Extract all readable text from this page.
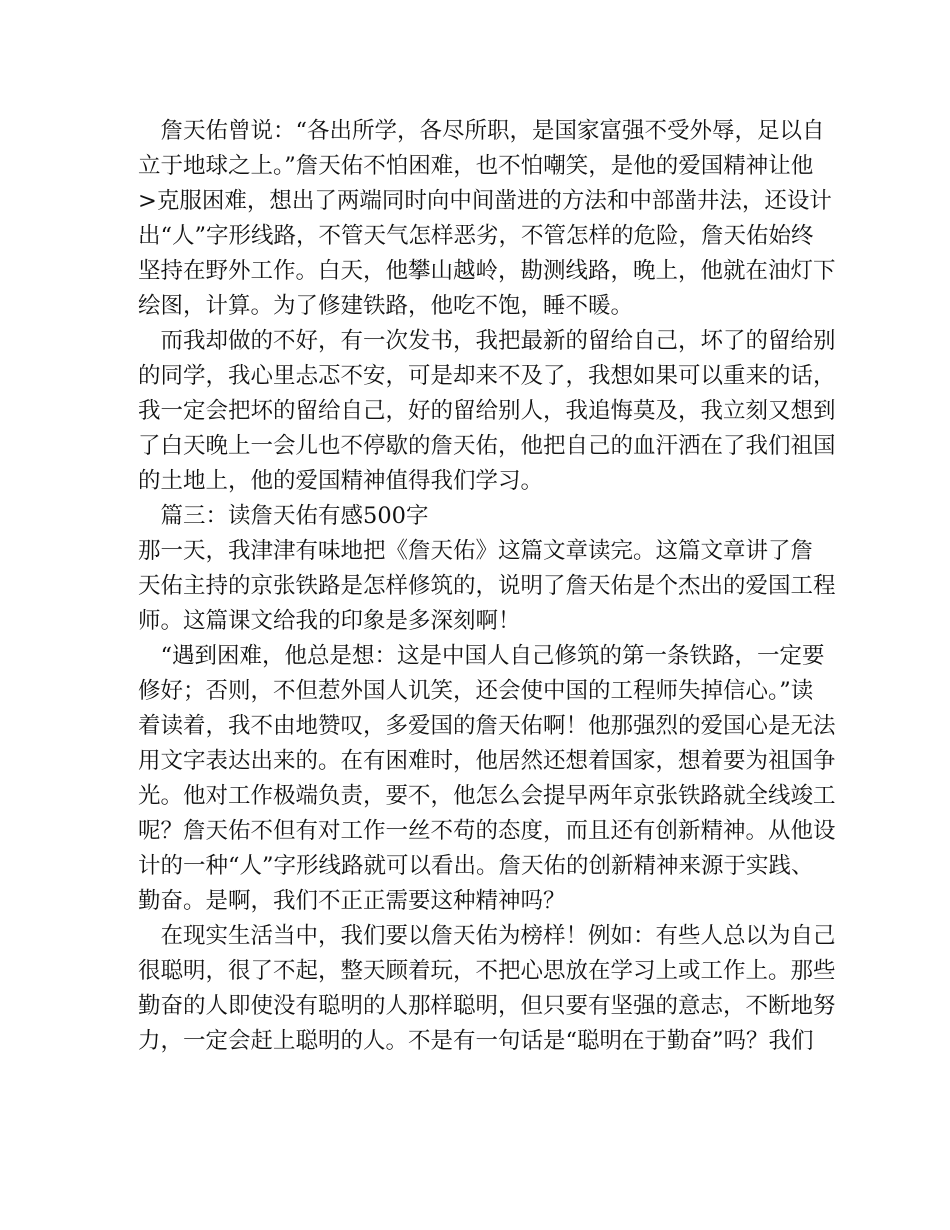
　詹天佑曾说：“各出所学，各尽所职，是国家富强不受外辱，足以自
立于地球之上。”詹天佑不怕困难，也不怕嘲笑，是他的爱国精神让他
>克服困难，想出了两端同时向中间凿进的方法和中部凿井法，还设计
出“人”字形线路，不管天气怎样恶劣，不管怎样的危险，詹天佑始终
坚持在野外工作。白天，他攀山越岭，勘测线路，晚上，他就在油灯下
绘图，计算。为了修建铁路，他吃不饱，睡不暖。
　而我却做的不好，有一次发书，我把最新的留给自己，坏了的留给别
的同学，我心里忐忑不安，可是却来不及了，我想如果可以重来的话，
我一定会把坏的留给自己，好的留给别人，我追悔莫及，我立刻又想到
了白天晚上一会儿也不停歇的詹天佑，他把自己的血汗洒在了我们祖国
的土地上，他的爱国精神值得我们学习。
　篇三：读詹天佑有感500字
那一天，我津津有味地把《詹天佑》这篇文章读完。这篇文章讲了詹
天佑主持的京张铁路是怎样修筑的，说明了詹天佑是个杰出的爱国工程
师。这篇课文给我的印象是多深刻啊！
　“遇到困难，他总是想：这是中国人自己修筑的第一条铁路，一定要
修好；否则，不但惹外国人讥笑，还会使中国的工程师失掉信心。”读
着读着，我不由地赞叹，多爱国的詹天佑啊！他那强烈的爱国心是无法
用文字表达出来的。在有困难时，他居然还想着国家，想着要为祖国争
光。他对工作极端负责，要不，他怎么会提早两年京张铁路就全线竣工
呢？詹天佑不但有对工作一丝不苟的态度，而且还有创新精神。从他设
计的一种“人”字形线路就可以看出。詹天佑的创新精神来源于实践、
勤奋。是啊，我们不正正需要这种精神吗？
　在现实生活当中，我们要以詹天佑为榜样！例如：有些人总以为自己
很聪明，很了不起，整天顾着玩，不把心思放在学习上或工作上。那些
勤奋的人即使没有聪明的人那样聪明，但只要有坚强的意志，不断地努
力，一定会赶上聪明的人。不是有一句话是“聪明在于勤奋”吗？我们
